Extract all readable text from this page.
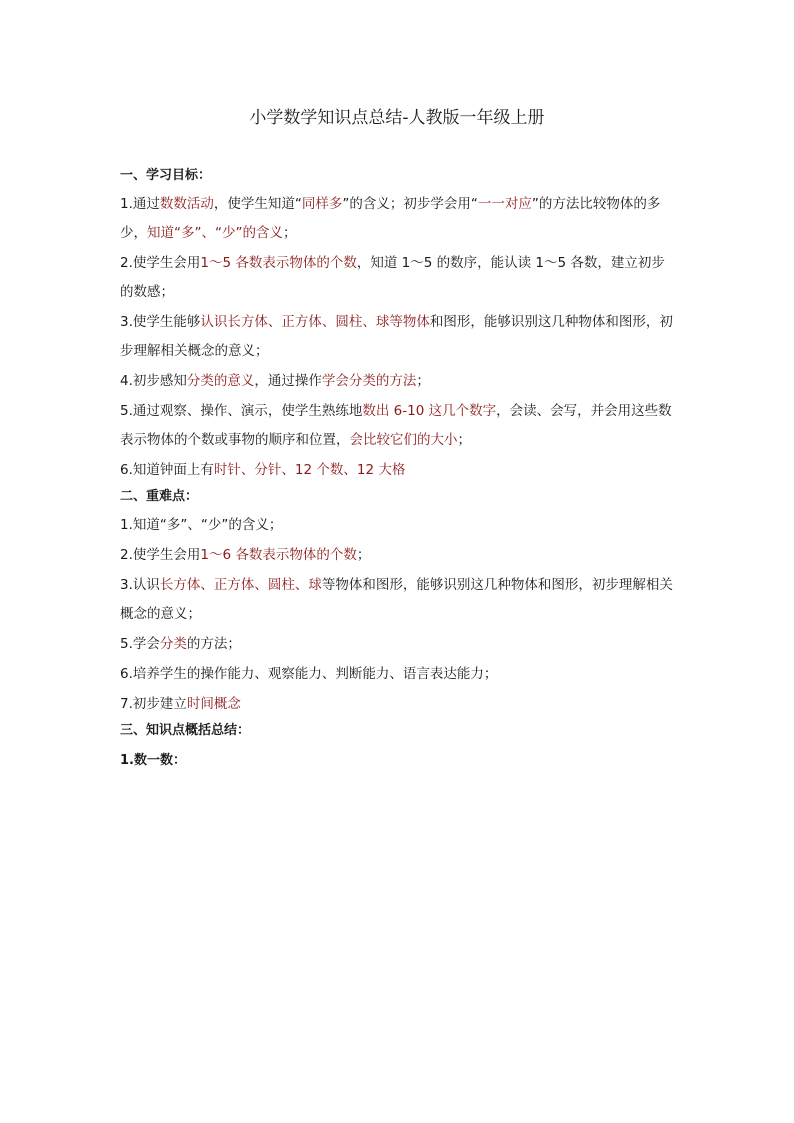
小学数学知识点总结-人教版一年级上册
一、学习目标：

1.通过数数活动，使学生知道“同样多”的含义；初步学会用“一一对应”的方法比较物体的多少，知道“多”、“少”的含义；

2.使学生会用1～5 各数表示物体的个数，知道 1～5 的数序，能认读 1～5 各数，建立初步的数感；

3.使学生能够认识长方体、正方体、圆柱、球等物体和图形，能够识别这几种物体和图形，初步理解相关概念的意义；

4.初步感知分类的意义，通过操作学会分类的方法；

5.通过观察、操作、演示，使学生熟练地数出 6-10 这几个数字，会读、会写，并会用这些数表示物体的个数或事物的顺序和位置，会比较它们的大小；

6.知道钟面上有时针、分针、12 个数、12 大格

二、重难点：

1.知道“多”、“少”的含义；

2.使学生会用1～6 各数表示物体的个数；

3.认识长方体、正方体、圆柱、球等物体和图形，能够识别这几种物体和图形，初步理解相关概念的意义；

5.学会分类的方法；

6.培养学生的操作能力、观察能力、判断能力、语言表达能力；

7.初步建立时间概念

三、知识点概括总结：
1.数一数：
